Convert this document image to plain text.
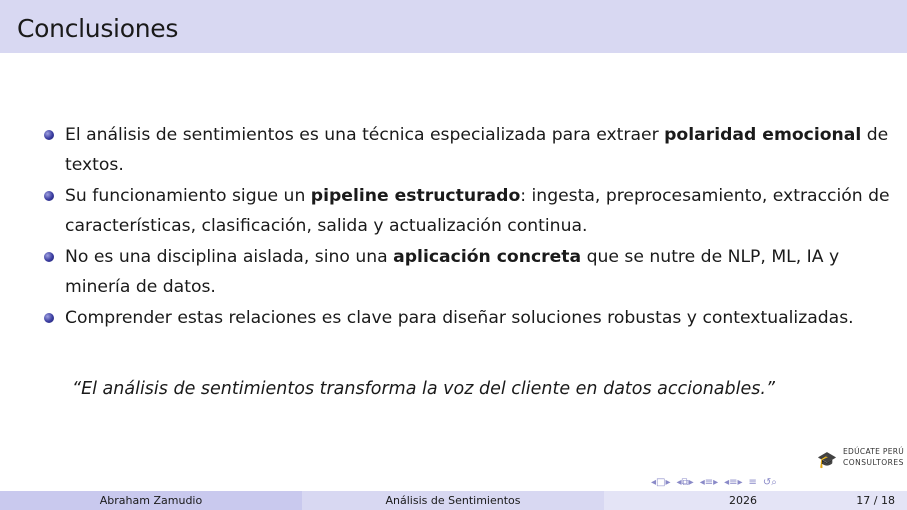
Conclusiones
El análisis de sentimientos es una técnica especializada para extraer polaridad emocional de textos.
Su funcionamiento sigue un pipeline estructurado: ingesta, preprocesamiento, extracción de características, clasificación, salida y actualización continua.
No es una disciplina aislada, sino una aplicación concreta que se nutre de NLP, ML, IA y minería de datos.
Comprender estas relaciones es clave para diseñar soluciones robustas y contextualizadas.
“El análisis de sentimientos transforma la voz del cliente en datos accionables.”
🎓 EDÚCATE PERÚ
CONSULTORES
◂□▸ ◂⧉▸ ◂≡▸ ◂≡▸ ≡ ↺⌕
Abraham Zamudio	Análisis de Sentimientos	2026	17 / 18
